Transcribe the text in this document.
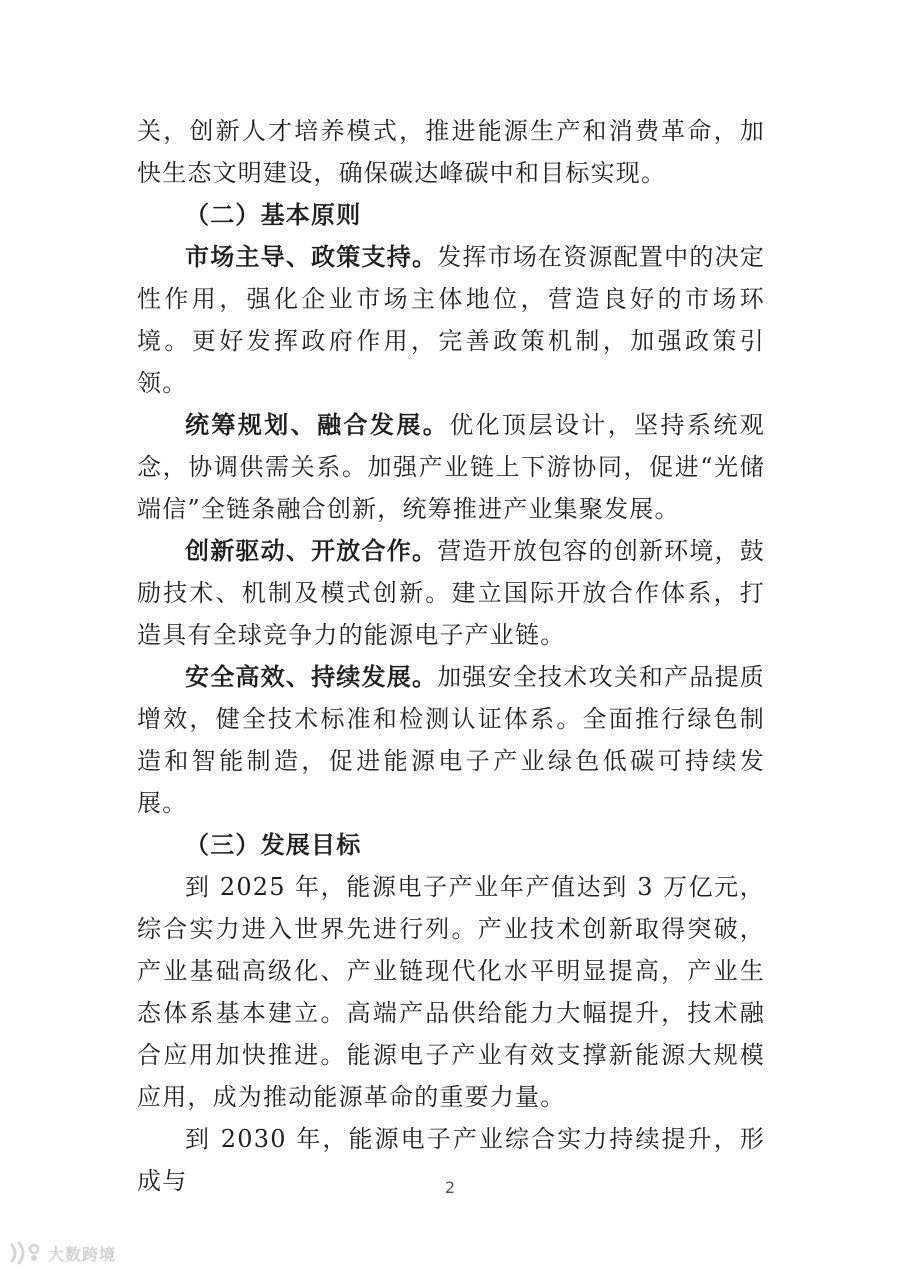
关，创新人才培养模式，推进能源生产和消费革命，加快生态文明建设，确保碳达峰碳中和目标实现。

（二）基本原则

市场主导、政策支持。发挥市场在资源配置中的决定性作用，强化企业市场主体地位，营造良好的市场环境。更好发挥政府作用，完善政策机制，加强政策引领。

统筹规划、融合发展。优化顶层设计，坚持系统观念，协调供需关系。加强产业链上下游协同，促进“光储端信”全链条融合创新，统筹推进产业集聚发展。

创新驱动、开放合作。营造开放包容的创新环境，鼓励技术、机制及模式创新。建立国际开放合作体系，打造具有全球竞争力的能源电子产业链。

安全高效、持续发展。加强安全技术攻关和产品提质增效，健全技术标准和检测认证体系。全面推行绿色制造和智能制造，促进能源电子产业绿色低碳可持续发展。

（三）发展目标

到 2025 年，能源电子产业年产值达到 3 万亿元，综合实力进入世界先进行列。产业技术创新取得突破，产业基础高级化、产业链现代化水平明显提高，产业生态体系基本建立。高端产品供给能力大幅提升，技术融合应用加快推进。能源电子产业有效支撑新能源大规模应用，成为推动能源革命的重要力量。

到 2030 年，能源电子产业综合实力持续提升，形成与	2
大数跨境
